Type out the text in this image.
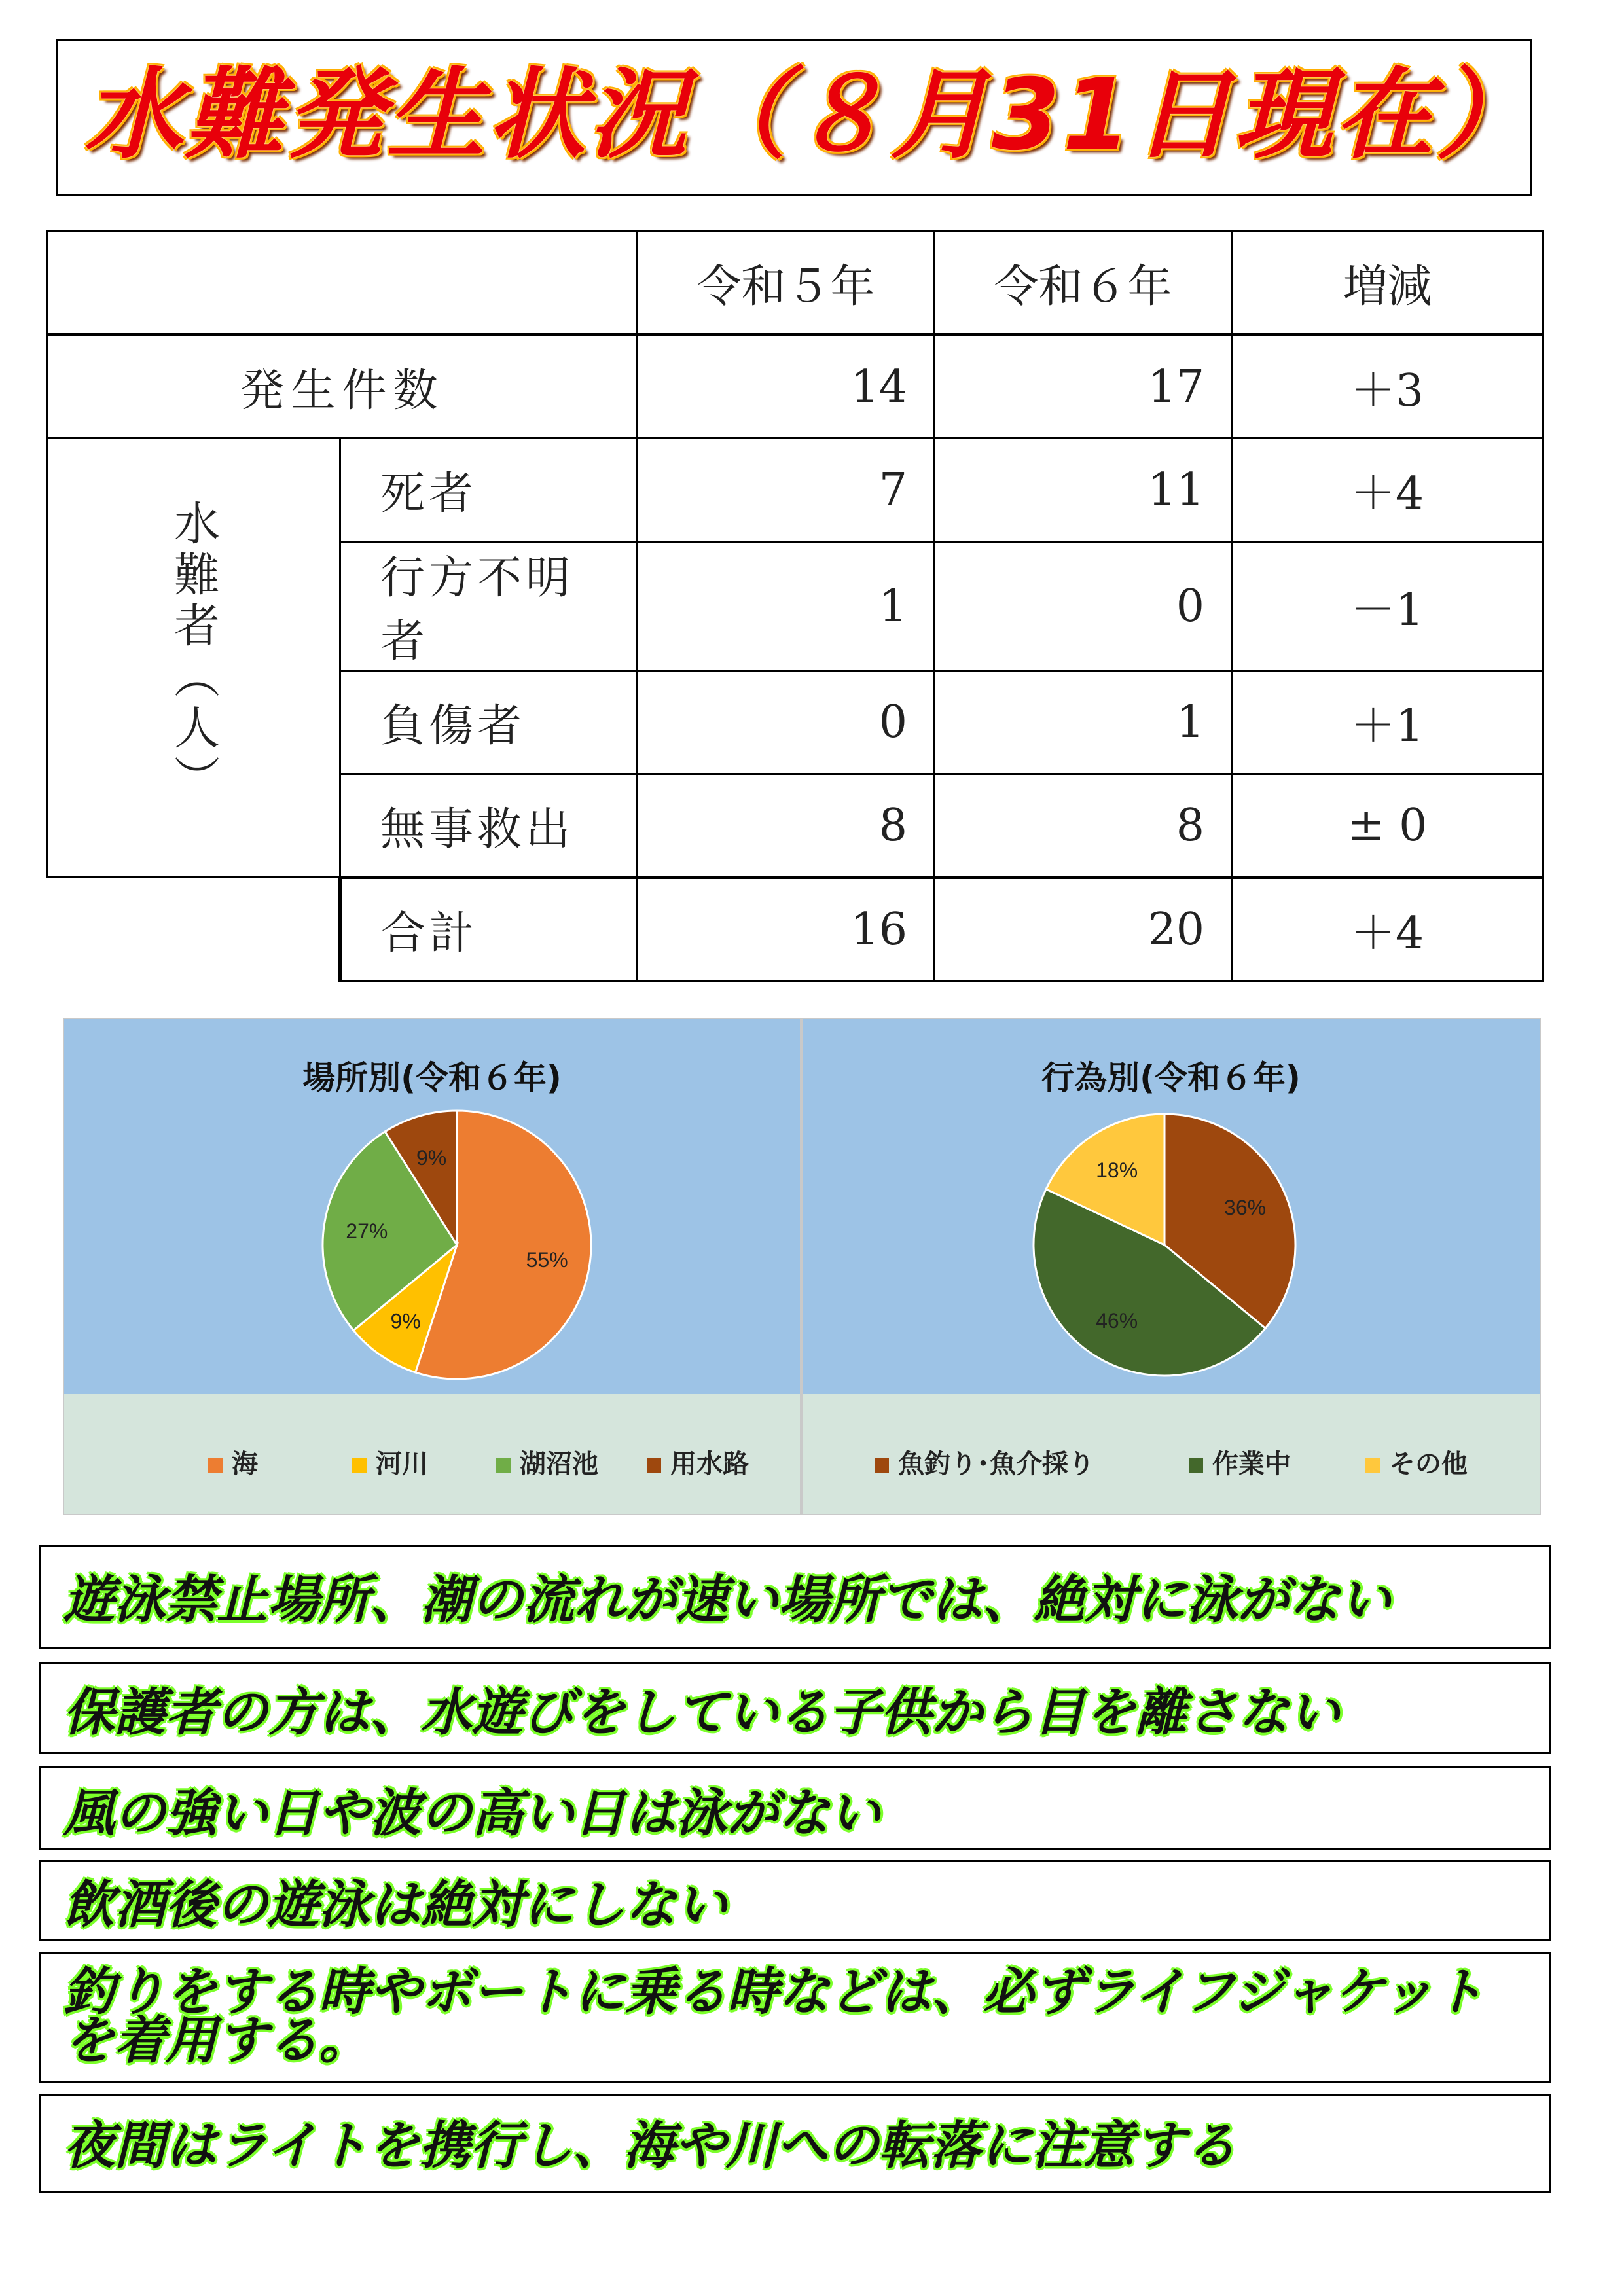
水難発生状況（８月31日現在）
		令和５年	令和６年	増減
発生件数		14	17	＋3
水難者（人）	死者	7	11	＋4
	行方不明者	1	0	－1
	負傷者	0	1	＋1
	無事救出	8	8	± 0
	合計	16	20	＋4
海	河川	湖沼池	用水路
場所別(令和６年)
55%
9%
27%
9%
魚釣り･魚介採り	作業中	その他
行為別(令和６年)
36%
46%
18%
遊泳禁止場所、潮の流れが速い場所では、絶対に泳がない
保護者の方は、水遊びをしている子供から目を離さない
風の強い日や波の高い日は泳がない
飲酒後の遊泳は絶対にしない
釣りをする時やボートに乗る時などは、必ずライフジャケットを着用する。
夜間はライトを携行し、海や川への転落に注意する
